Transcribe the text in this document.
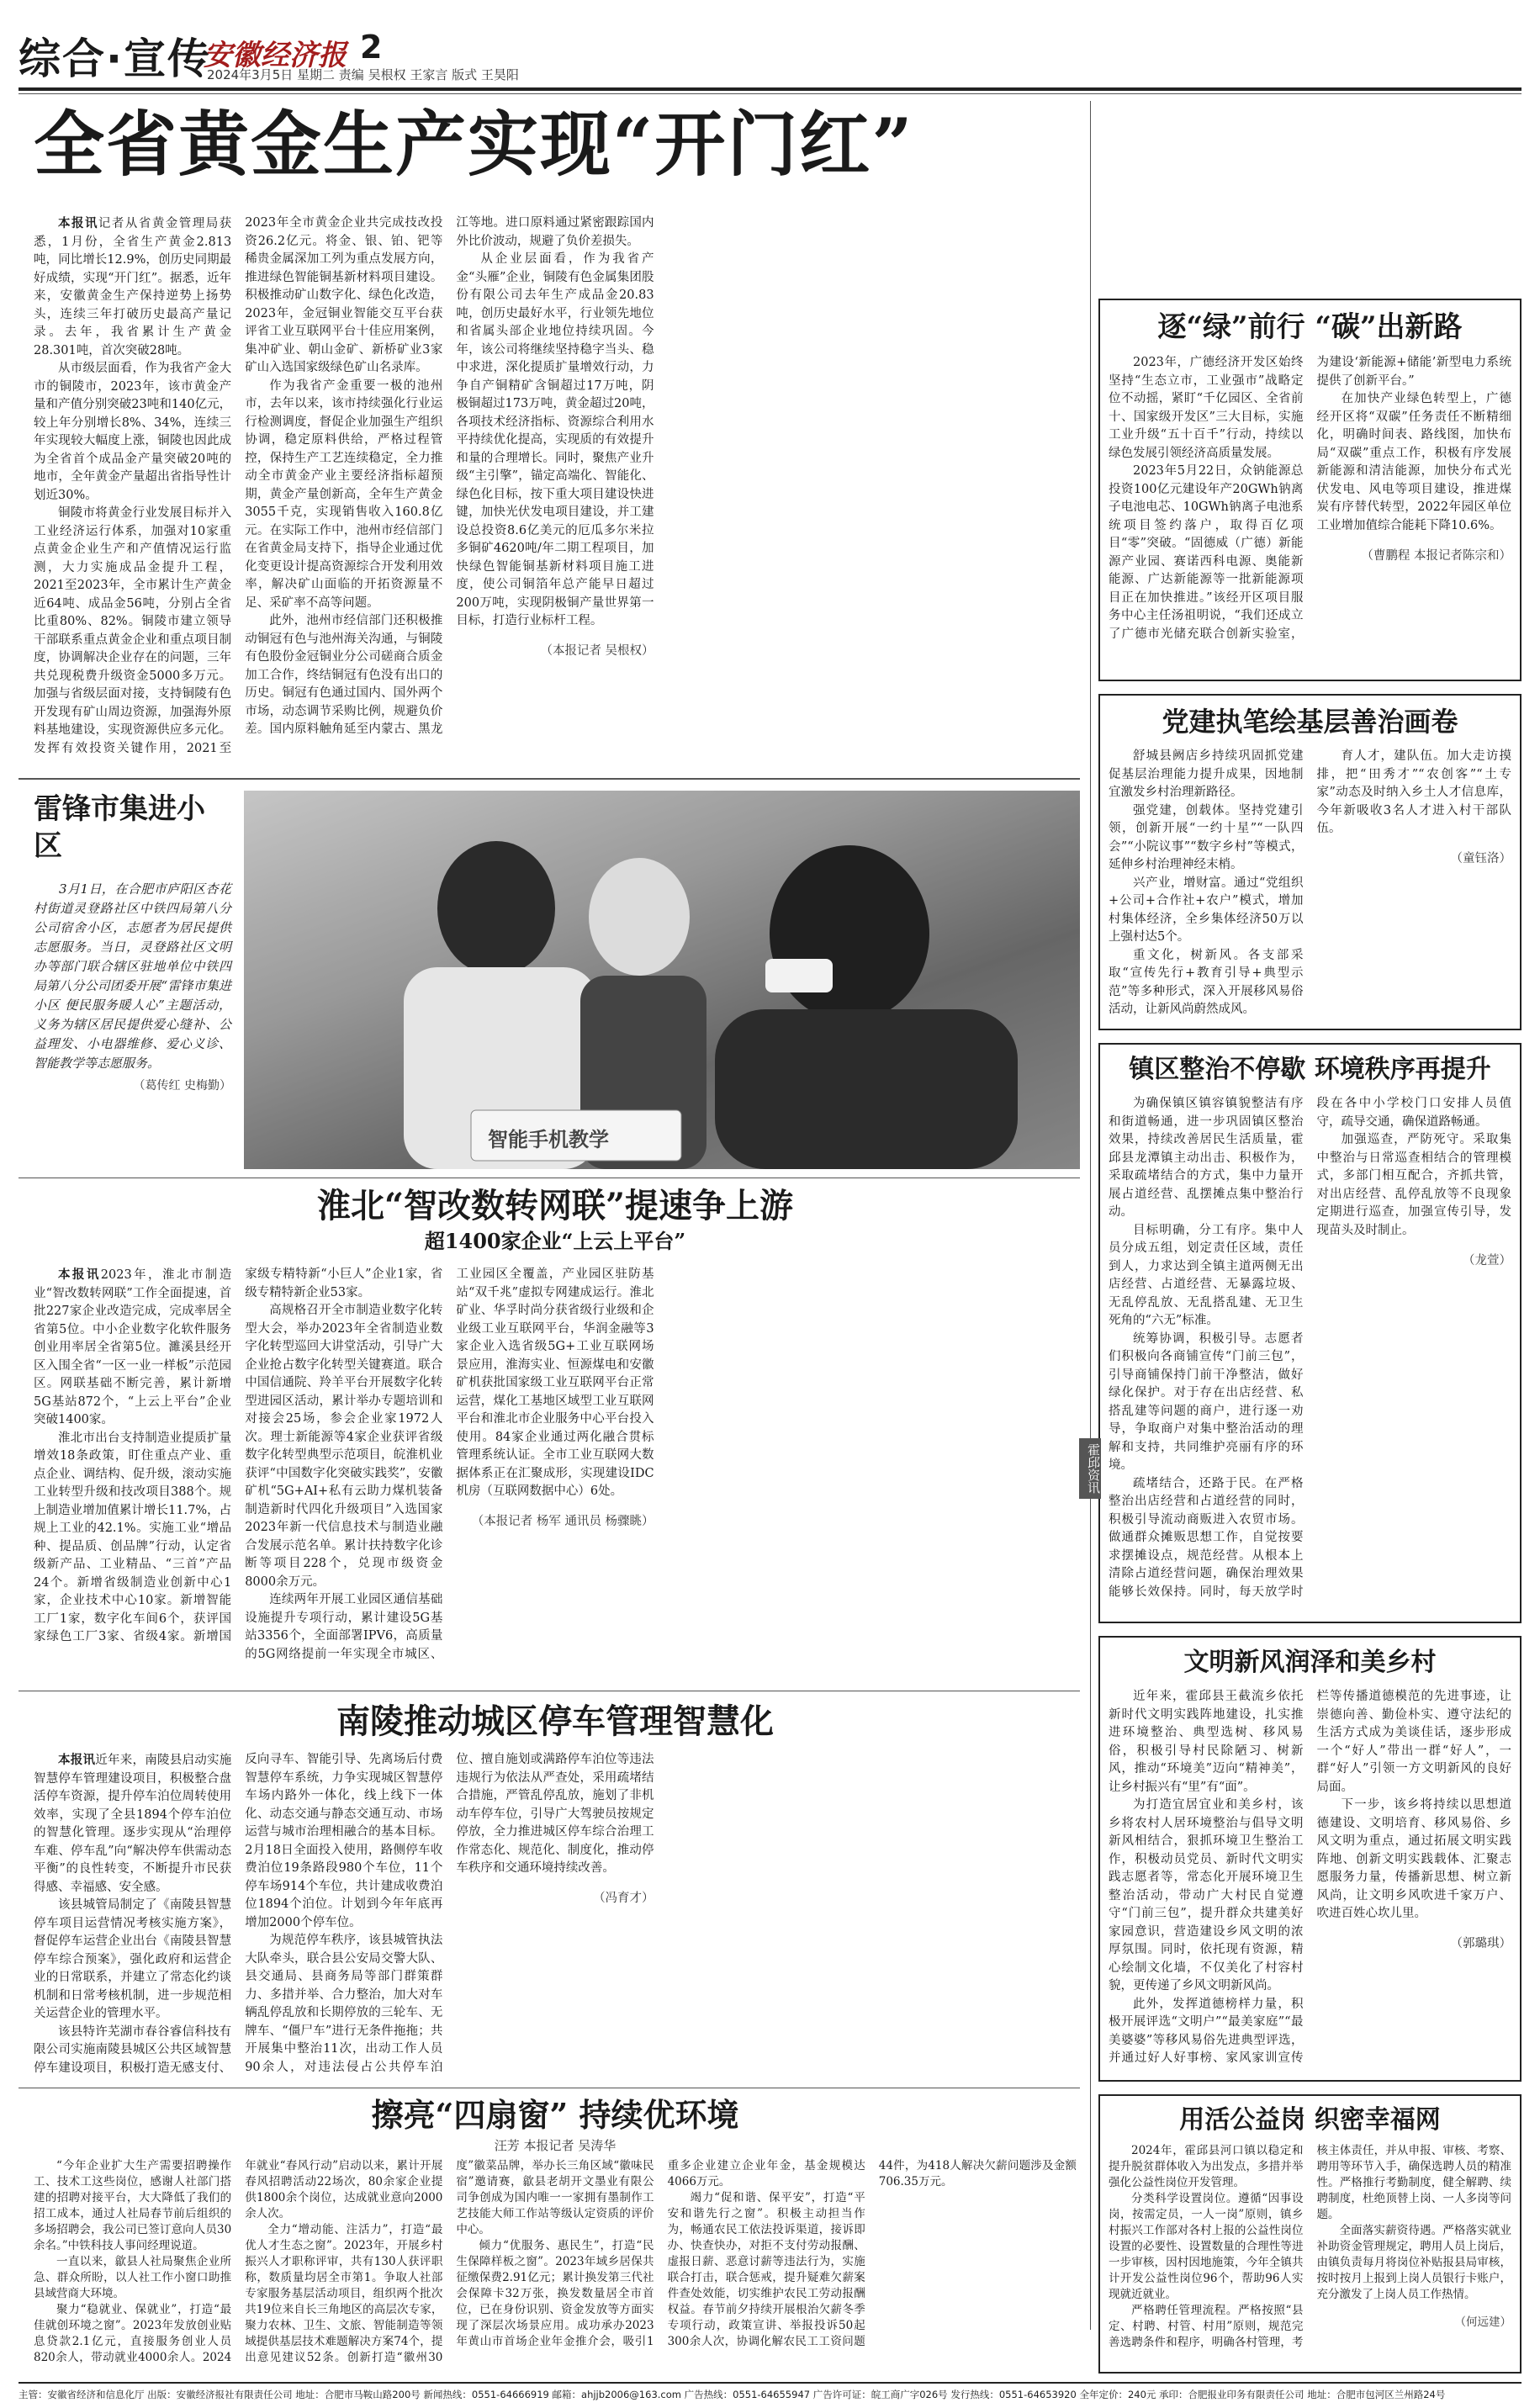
综合·宣传
安徽经济报 2
2024年3月5日 星期二 责编 吴根权 王家言 版式 王昊阳
全省黄金生产实现“开门红”

本报讯记者从省黄金管理局获悉，1月份，全省生产黄金2.813吨，同比增长12.9%，创历史同期最好成绩，实现“开门红”。据悉，近年来，安徽黄金生产保持逆势上扬势头，连续三年打破历史最高产量记录。去年，我省累计生产黄金28.301吨，首次突破28吨。

从市级层面看，作为我省产金大市的铜陵市，2023年，该市黄金产量和产值分别突破23吨和140亿元，较上年分别增长8%、34%，连续三年实现较大幅度上涨，铜陵也因此成为全省首个成品金产量突破20吨的地市，全年黄金产量超出省指导性计划近30%。

铜陵市将黄金行业发展目标并入工业经济运行体系，加强对10家重点黄金企业生产和产值情况运行监测，大力实施成品金提升工程，2021至2023年，全市累计生产黄金近64吨、成品金56吨，分别占全省比重80%、82%。铜陵市建立领导干部联系重点黄金企业和重点项目制度，协调解决企业存在的问题，三年共兑现税费升级资金5000多万元。加强与省级层面对接，支持铜陵有色开发现有矿山周边资源，加强海外原料基地建设，实现资源供应多元化。发挥有效投资关键作用，2021至2023年全市黄金企业共完成技改投资26.2亿元。将金、银、铂、钯等稀贵金属深加工列为重点发展方向，推进绿色智能铜基新材料项目建设。积极推动矿山数字化、绿色化改造，2023年，金冠铜业智能交互平台获评省工业互联网平台十佳应用案例，集冲矿业、朝山金矿、新桥矿业3家矿山入选国家级绿色矿山名录库。

作为我省产金重要一极的池州市，去年以来，该市持续强化行业运行检测调度，督促企业加强生产组织协调，稳定原料供给，严格过程管控，保持生产工艺连续稳定，全力推动全市黄金产业主要经济指标超预期，黄金产量创新高，全年生产黄金3055千克，实现销售收入160.8亿元。在实际工作中，池州市经信部门在省黄金局支持下，指导企业通过优化变更设计提高资源综合开发利用效率，解决矿山面临的开拓资源量不足、采矿率不高等问题。

此外，池州市经信部门还积极推动铜冠有色与池州海关沟通，与铜陵有色股份金冠铜业分公司磋商合质金加工合作，终结铜冠有色没有出口的历史。铜冠有色通过国内、国外两个市场，动态调节采购比例，规避负价差。国内原料触角延至内蒙古、黑龙江等地。进口原料通过紧密跟踪国内外比价波动，规避了负价差损失。

从企业层面看，作为我省产金“头雁”企业，铜陵有色金属集团股份有限公司去年生产成品金20.83吨，创历史最好水平，行业领先地位和省属头部企业地位持续巩固。今年，该公司将继续坚持稳字当头、稳中求进，深化提质扩量增效行动，力争自产铜精矿含铜超过17万吨，阴极铜超过173万吨，黄金超过20吨，各项技术经济指标、资源综合利用水平持续优化提高，实现质的有效提升和量的合理增长。同时，聚焦产业升级“主引擎”，锚定高端化、智能化、绿色化目标，按下重大项目建设快进键，加快光伏发电项目建设，并工建设总投资8.6亿美元的厄瓜多尔米拉多铜矿4620吨/年二期工程项目，加快绿色智能铜基新材料项目施工进度，使公司铜箔年总产能早日超过200万吨，实现阴极铜产量世界第一目标，打造行业标杆工程。

（本报记者 吴根权）

逐“绿”前行 “碳”出新路

2023年，广德经济开发区始终坚持“生态立市，工业强市”战略定位不动摇，紧盯“千亿园区、全省前十、国家级开发区”三大目标，实施工业升级“五十百千”行动，持续以绿色发展引领经济高质量发展。

2023年5月22日，众钠能源总投资100亿元建设年产20GWh钠离子电池电芯、10GWh钠离子电池系统项目签约落户，取得百亿项目“零”突破。“固德威（广德）新能源产业园、赛诺西科电源、奥能新能源、广达新能源等一批新能源项目正在加快推进。”该经开区项目服务中心主任汤祖明说，“我们还成立了广德市光储充联合创新实验室，为建设‘新能源+储能’新型电力系统提供了创新平台。”

在加快产业绿色转型上，广德经开区将“双碳”任务责任不断精细化，明确时间表、路线图，加快布局“双碳”重点工作，积极有序发展新能源和清洁能源，加快分布式光伏发电、风电等项目建设，推进煤炭有序替代转型，2022年园区单位工业增加值综合能耗下降10.6%。

（曹鹏程 本报记者陈宗和）

党建执笔绘基层善治画卷

舒城县阙店乡持续巩固抓党建促基层治理能力提升成果，因地制宜激发乡村治理新路径。

强党建，创载体。坚持党建引领，创新开展“一约十星”“一队四会”“小院议事”“数字乡村”等模式，延伸乡村治理神经末梢。

兴产业，增财富。通过“党组织+公司+合作社+农户”模式，增加村集体经济，全乡集体经济50万以上强村达5个。

重文化，树新风。各支部采取“宣传先行+教育引导+典型示范”等多种形式，深入开展移风易俗活动，让新风尚蔚然成风。

育人才，建队伍。加大走访摸排，把“田秀才”“农创客”“土专家”动态及时纳入乡土人才信息库，今年新吸收3名人才进入村干部队伍。

（童钰洛）

雷锋市集进小区
3月1日，在合肥市庐阳区杏花村街道灵登路社区中铁四局第八分公司宿舍小区，志愿者为居民提供志愿服务。当日，灵登路社区文明办等部门联合辖区驻地单位中铁四局第八分公司团委开展“雷锋市集进小区 便民服务暖人心”主题活动，义务为辖区居民提供爱心缝补、公益理发、小电器维修、爱心义诊、智能教学等志愿服务。
（葛传红 史梅勤）
智能手机教学
淮北“智改数转网联”提速争上游
超1400家企业“上云上平台”

本报讯2023年，淮北市制造业“智改数转网联”工作全面提速，首批227家企业改造完成，完成率居全省第5位。中小企业数字化软件服务创业用率居全省第5位。濉溪县经开区入围全省“一区一业一样板”示范园区。网联基础不断完善，累计新增5G基站872个，“上云上平台”企业突破1400家。

淮北市出台支持制造业提质扩量增效18条政策，盯住重点产业、重点企业、调结构、促升级，滚动实施工业转型升级和技改项目388个。规上制造业增加值累计增长11.7%，占规上工业的42.1%。实施工业“增品种、提品质、创品牌”行动，认定省级新产品、工业精品、“三首”产品24个。新增省级制造业创新中心1家，企业技术中心10家。新增智能工厂1家，数字化车间6个，获评国家绿色工厂3家、省级4家。新增国家级专精特新“小巨人”企业1家，省级专精特新企业53家。

高规格召开全市制造业数字化转型大会，举办2023年全省制造业数字化转型巡回大讲堂活动，引导广大企业抢占数字化转型关键赛道。联合中国信通院、羚羊平台开展数字化转型进园区活动，累计举办专题培训和对接会25场，参会企业家1972人次。理士新能源等4家企业获评省级数字化转型典型示范项目，皖淮机业获评“中国数字化突破实践奖”，安徽矿机“5G+AI+私有云助力煤机装备制造新时代四化升级项目”入选国家2023年新一代信息技术与制造业融合发展示范名单。累计扶持数字化诊断等项目228个，兑现市级资金8000余万元。

连续两年开展工业园区通信基础设施提升专项行动，累计建设5G基站3356个，全面部署IPV6，高质量的5G网络提前一年实现全市城区、工业园区全覆盖，产业园区驻防基站“双千兆”虚拟专网建成运行。淮北矿业、华孚时尚分获省级行业级和企业级工业互联网平台，华润金融等3家企业入选省级5G+工业互联网场景应用，淮海实业、恒源煤电和安徽矿机获批国家级工业互联网平台正常运营，煤化工基地区域型工业互联网平台和淮北市企业服务中心平台投入使用。84家企业通过两化融合贯标管理系统认证。全市工业互联网大数据体系正在汇聚成形，实现建设IDC机房（互联网数据中心）6处。

（本报记者 杨军 通讯员 杨骤眺）

镇区整治不停歇 环境秩序再提升

为确保镇区镇容镇貌整洁有序和街道畅通，进一步巩固镇区整治效果，持续改善居民生活质量，霍邱县龙潭镇主动出击、积极作为，采取疏堵结合的方式，集中力量开展占道经营、乱摆摊点集中整治行动。

目标明确，分工有序。集中人员分成五组，划定责任区域，责任到人，力求达到全镇主道两侧无出店经营、占道经营、无暴露垃圾、无乱停乱放、无乱搭乱建、无卫生死角的“六无”标准。

统筹协调，积极引导。志愿者们积极向各商铺宣传“门前三包”，引导商铺保持门前干净整洁，做好绿化保护。对于存在出店经营、私搭乱建等问题的商户，进行逐一劝导，争取商户对集中整治活动的理解和支持，共同维护亮丽有序的环境。

疏堵结合，还路于民。在严格整治出店经营和占道经营的同时，积极引导流动商贩进入农贸市场。做通群众摊贩思想工作，自觉按要求摆摊设点，规范经营。从根本上清除占道经营问题，确保治理效果能够长效保持。同时，每天放学时段在各中小学校门口安排人员值守，疏导交通，确保道路畅通。

加强巡查，严防死守。采取集中整治与日常巡查相结合的管理模式，多部门相互配合，齐抓共管，对出店经营、乱停乱放等不良现象定期进行巡查，加强宣传引导，发现苗头及时制止。

（龙萱）

霍邱资讯
南陵推动城区停车管理智慧化

本报讯近年来，南陵县启动实施智慧停车管理建设项目，积极整合盘活停车资源，提升停车泊位周转使用效率，实现了全县1894个停车泊位的智慧化管理。逐步实现从“治理停车难、停车乱”向“解决停车供需动态平衡”的良性转变，不断提升市民获得感、幸福感、安全感。

该县城管局制定了《南陵县智慧停车项目运营情况考核实施方案》，督促停车运营企业出台《南陵县智慧停车综合预案》，强化政府和运营企业的日常联系，并建立了常态化约谈机制和日常考核机制，进一步规范相关运营企业的管理水平。

该县特许芜湖市春谷睿信科技有限公司实施南陵县城区公共区域智慧停车建设项目，积极打造无感支付、反向寻车、智能引导、先离场后付费智慧停车系统，力争实现城区智慧停车场内路外一体化，线上线下一体化、动态交通与静态交通互动、市场运营与城市治理相融合的基本目标。2月18日全面投入使用，路侧停车收费泊位19条路段980个车位，11个停车场914个车位，共计建成收费泊位1894个泊位。计划到今年年底再增加2000个停车位。

为规范停车秩序，该县城管执法大队牵头，联合县公安局交警大队、县交通局、县商务局等部门群策群力、多措并举、合力整治，加大对车辆乱停乱放和长期停放的三轮车、无牌车、“僵尸车”进行无条件拖拖；共开展集中整治11次，出动工作人员90余人，对违法侵占公共停车泊位、擅自施划或满路停车泊位等违法违规行为依法从严查处，采用疏堵结合措施，严管乱停乱放，施划了非机动车停车位，引导广大驾驶员按规定停放，全力推进城区停车综合治理工作常态化、规范化、制度化，推动停车秩序和交通环境持续改善。

（冯育才）

文明新风润泽和美乡村

近年来，霍邱县王截流乡依托新时代文明实践阵地建设，扎实推进环境整治、典型选树、移风易俗，积极引导村民除陋习、树新风，推动“环境美”迈向“精神美”，让乡村振兴有“里”有“面”。

为打造宜居宜业和美乡村，该乡将农村人居环境整治与倡导文明新风相结合，狠抓环境卫生整治工作，积极动员党员、新时代文明实践志愿者等，常态化开展环境卫生整治活动，带动广大村民自觉遵守“门前三包”，提升群众共建美好家园意识，营造建设乡风文明的浓厚氛围。同时，依托现有资源，精心绘制文化墙，不仅美化了村容村貌，更传递了乡风文明新风尚。

此外，发挥道德榜样力量，积极开展评选“文明户”“最美家庭”“最美婆婆”等移风易俗先进典型评选，并通过好人好事榜、家风家训宣传栏等传播道德模范的先进事迹，让崇德向善、勤俭朴实、遵守法纪的生活方式成为美谈佳话，逐步形成一个“好人”带出一群“好人”，一群“好人”引领一方文明新风的良好局面。

下一步，该乡将持续以思想道德建设、文明培育、移风易俗、乡风文明为重点，通过拓展文明实践阵地、创新文明实践载体、汇聚志愿服务力量，传播新思想、树立新风尚，让文明乡风吹进千家万户、吹进百姓心坎儿里。

（郭璐琪）

擦亮“四扇窗” 持续优环境
汪芳 本报记者 吴涛华

“今年企业扩大生产需要招聘操作工、技术工这些岗位，感谢人社部门搭建的招聘对接平台，大大降低了我们的招工成本，通过人社局春节前后组织的多场招聘会，我公司已签订意向人员30余名。”中铁科技人事问经理说道。

一直以来，歙县人社局聚焦企业所急、群众所盼，以人社工作小窗口助推县域营商大环境。

聚力“稳就业、保就业”，打造“最佳就创环境之窗”。2023年发放创业贴息贷款2.1亿元，直接服务创业人员820余人，带动就业4000余人。2024年就业“春风行动”启动以来，累计开展春风招聘活动22场次，80余家企业提供1800余个岗位，达成就业意向2000余人次。

全力“增动能、注活力”，打造“最优人才生态之窗”。2023年，开展乡村振兴人才职称评审，共有130人获评职称，数质量均居全市第1。争取人社部专家服务基层活动项目，组织两个批次共19位来自长三角地区的高层次专家，聚力农林、卫生、文旅、智能制造等领域提供基层技术难题解决方案74个，提出意见建议52条。创新打造“徽州30度”徽菜品牌，举办长三角区域“徽味民宿”邀请赛，歙县老胡开文墨业有限公司争创成为国内唯一一家拥有墨制作工艺技能大师工作站等级认定资质的评价中心。

倾力“优服务、惠民生”，打造“民生保障样板之窗”。2023年域乡居保共征缴保费2.91亿元；累计换发第三代社会保障卡32万张，换发数量居全市首位，已在身份识别、资金发放等方面实现了深层次场景应用。成功承办2023年黄山市首场企业年金推介会，吸引1重多企业建立企业年金，基金规模达4066万元。

竭力“促和谐、保平安”，打造“平安和谐先行之窗”。积极主动担当作为，畅通农民工依法投诉渠道，接诉即办、快查快办，对拒不支付劳动报酬、虚报日薪、恶意讨薪等违法行为，实施联合打击，联合惩戒，提升疑难欠薪案件查处效能，切实维护农民工劳动报酬权益。春节前夕持续开展根治欠薪冬季专项行动，政策宣讲、举报投诉50起300余人次，协调化解农民工工资问题44件，为418人解决欠薪问题涉及金额706.35万元。

用活公益岗 织密幸福网

2024年，霍邱县河口镇以稳定和提升脱贫群体收入为出发点，多措并举强化公益性岗位开发管理。

分类科学设置岗位。遵循“因事设岗，按需定员，一人一岗”原则，镇乡村振兴工作部对各村上报的公益性岗位设置的必要性、设置数量的合理性等进一步审核，因村因地施策，今年全镇共计开发公益性岗位96个，帮助96人实现就近就业。

严格聘任管理流程。严格按照“县定、村聘、村管、村用”原则，规范完善选聘条件和程序，明确各村管理，考核主体责任，并从申报、审核、考察、聘用等环节入手，确保选聘人员的精准性。严格推行考勤制度，健全解聘、续聘制度，杜绝顶替上岗、一人多岗等问题。

全面落实薪资待遇。严格落实就业补助资金管理规定，聘用人员上岗后，由镇负责每月将岗位补贴报县局审核，按时按月上报到上岗人员银行卡账户，充分激发了上岗人员工作热情。

（何远建）

主管：安徽省经济和信息化厅 出版：安徽经济报社有限责任公司 地址：合肥市马鞍山路200号 新闻热线：0551-64666919 邮箱：ahjjb2006@163.com 广告热线：0551-64655947 广告许可证：皖工商广字026号 发行热线：0551-64653920 全年定价：240元 承印：合肥报业印务有限责任公司 地址：合肥市包河区兰州路24号
